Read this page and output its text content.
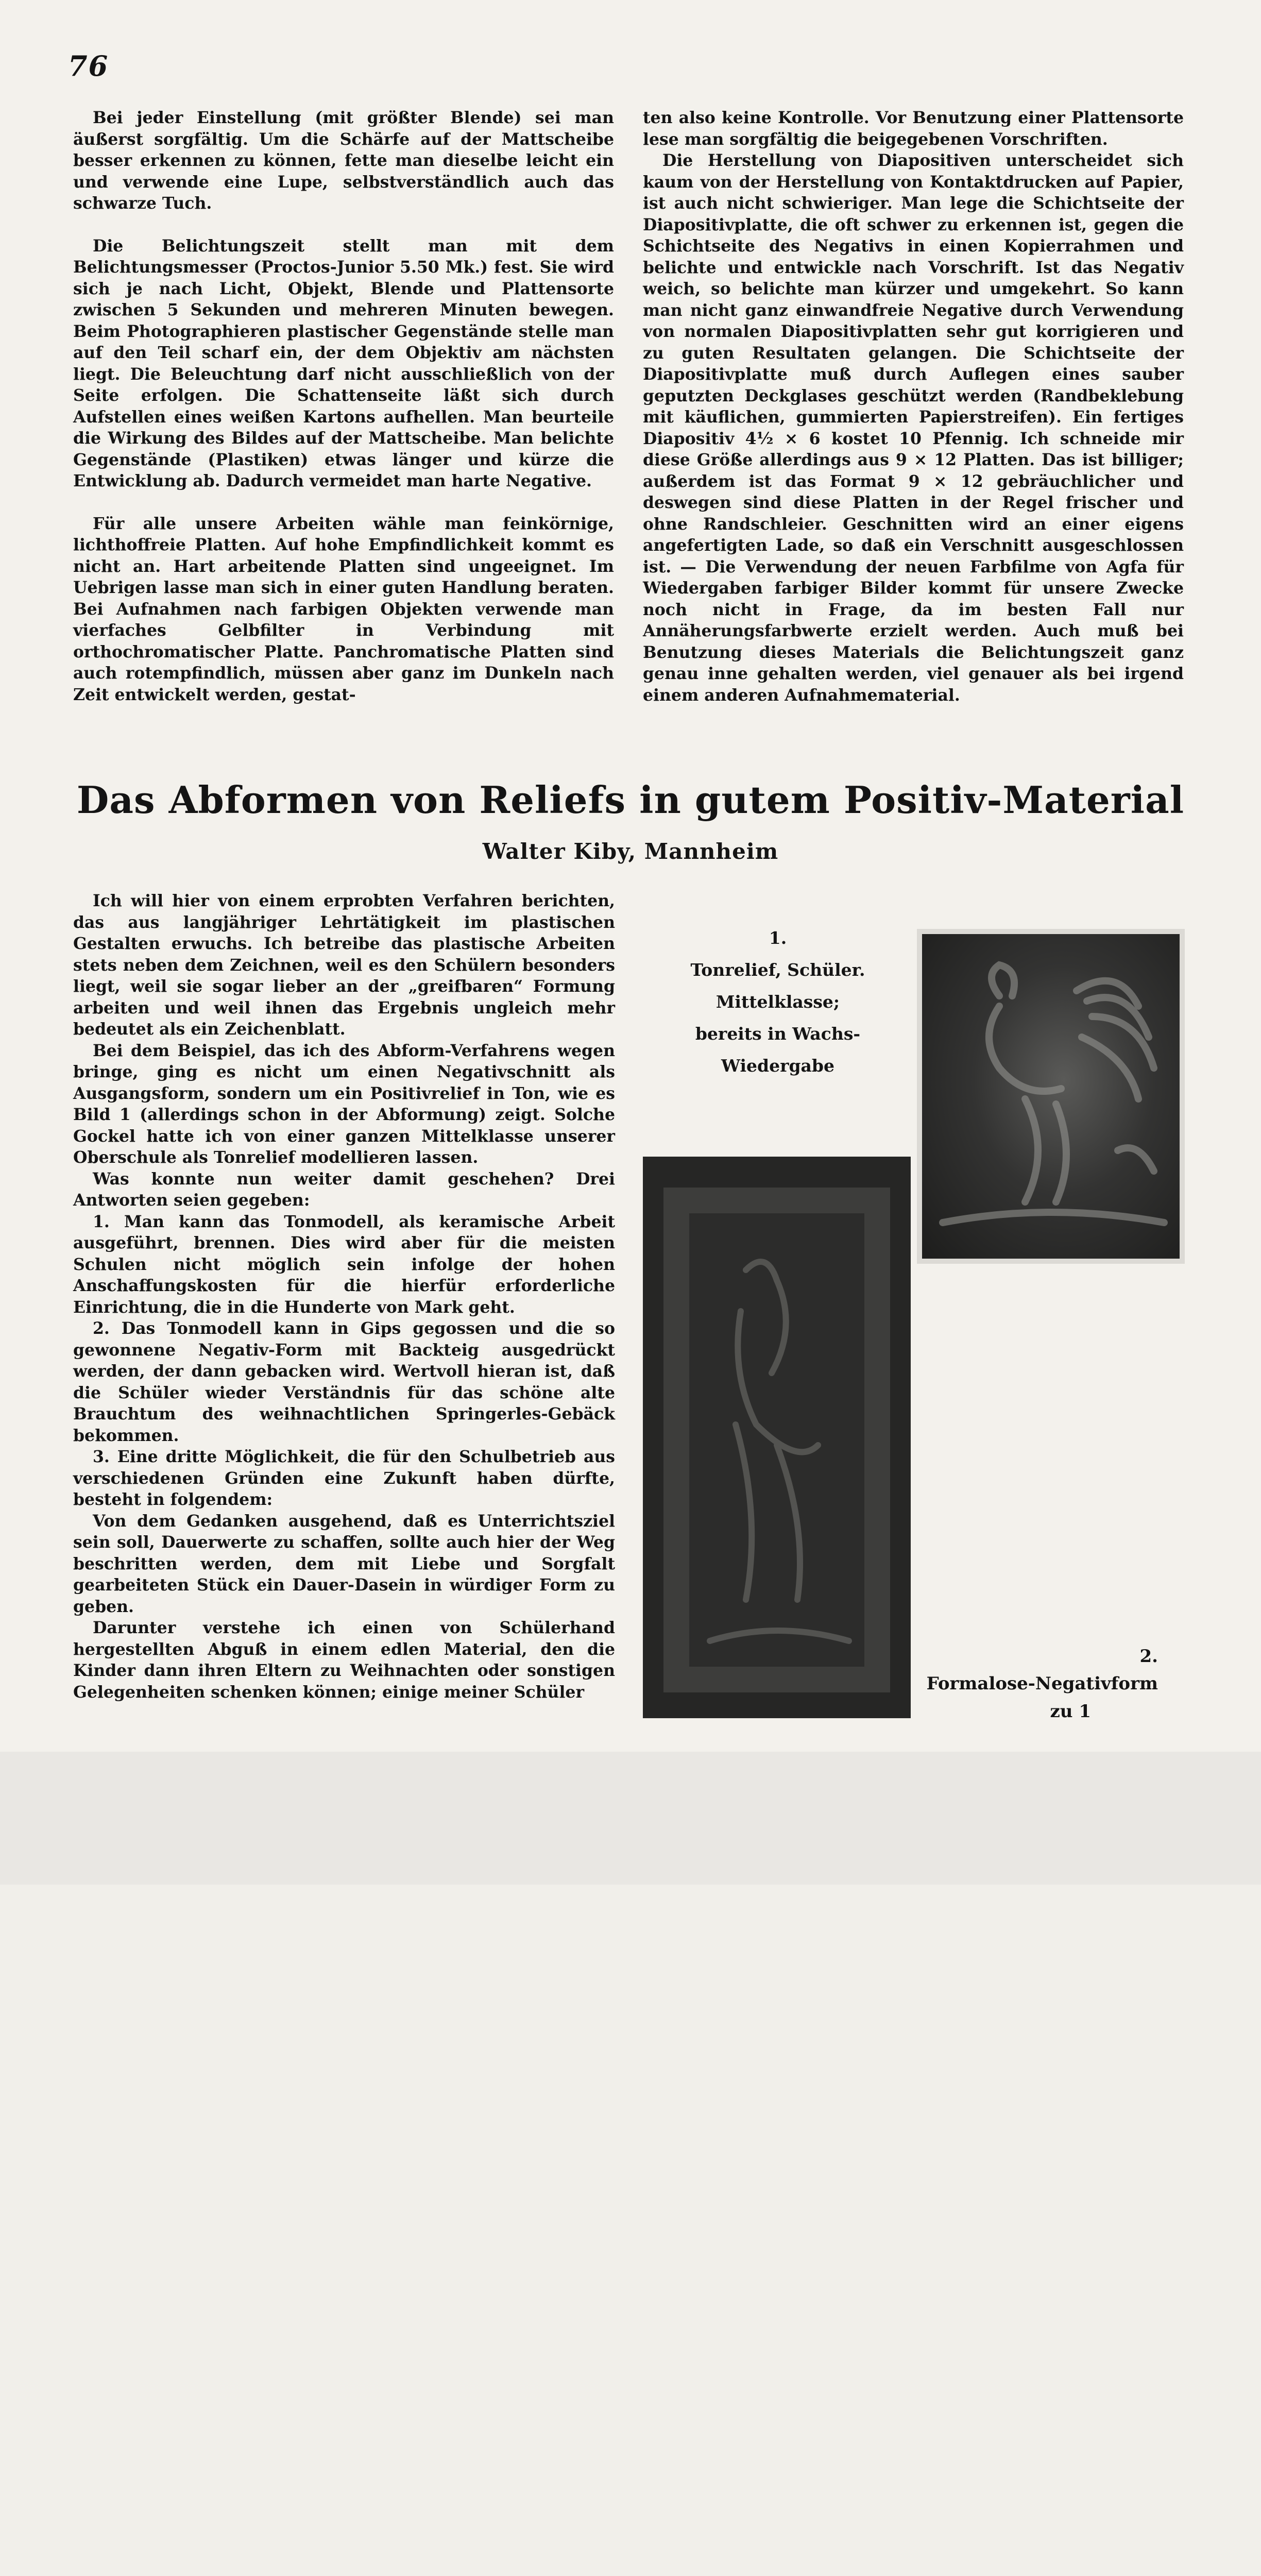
76

Bei jeder Einstellung (mit größter Blende) sei man äußerst sorgfältig. Um die Schärfe auf der Mattscheibe besser erkennen zu können, fette man dieselbe leicht ein und verwende eine Lupe, selbstverständlich auch das schwarze Tuch.

Die Belichtungszeit stellt man mit dem Belichtungsmesser (Proctos-Junior 5.50 Mk.) fest. Sie wird sich je nach Licht, Objekt, Blende und Plattensorte zwischen 5 Sekunden und mehreren Minuten bewegen. Beim Photographieren plastischer Gegenstände stelle man auf den Teil scharf ein, der dem Objektiv am nächsten liegt. Die Beleuchtung darf nicht ausschließlich von der Seite erfolgen. Die Schattenseite läßt sich durch Aufstellen eines weißen Kartons aufhellen. Man beurteile die Wirkung des Bildes auf der Mattscheibe. Man belichte Gegenstände (Plastiken) etwas länger und kürze die Entwicklung ab. Dadurch vermeidet man harte Negative.

Für alle unsere Arbeiten wähle man feinkörnige, lichthoffreie Platten. Auf hohe Empfindlichkeit kommt es nicht an. Hart arbeitende Platten sind ungeeignet. Im Uebrigen lasse man sich in einer guten Handlung beraten. Bei Aufnahmen nach farbigen Objekten verwende man vierfaches Gelbfilter in Verbindung mit orthochromatischer Platte. Panchromatische Platten sind auch rotempfindlich, müssen aber ganz im Dunkeln nach Zeit entwickelt werden, gestat-

ten also keine Kontrolle. Vor Benutzung einer Plattensorte lese man sorgfältig die beigegebenen Vorschriften.

Die Herstellung von Diapositiven unterscheidet sich kaum von der Herstellung von Kontaktdrucken auf Papier, ist auch nicht schwieriger. Man lege die Schichtseite der Diapositivplatte, die oft schwer zu erkennen ist, gegen die Schichtseite des Negativs in einen Kopierrahmen und belichte und entwickle nach Vorschrift. Ist das Negativ weich, so belichte man kürzer und umgekehrt. So kann man nicht ganz einwandfreie Negative durch Verwendung von normalen Diapositivplatten sehr gut korrigieren und zu guten Resultaten gelangen. Die Schichtseite der Diapositivplatte muß durch Auflegen eines sauber geputzten Deckglases geschützt werden (Randbeklebung mit käuflichen, gummierten Papierstreifen). Ein fertiges Diapositiv 4½ × 6 kostet 10 Pfennig. Ich schneide mir diese Größe allerdings aus 9 × 12 Platten. Das ist billiger; außerdem ist das Format 9 × 12 gebräuchlicher und deswegen sind diese Platten in der Regel frischer und ohne Randschleier. Geschnitten wird an einer eigens angefertigten Lade, so daß ein Verschnitt ausgeschlossen ist. — Die Verwendung der neuen Farbfilme von Agfa für Wiedergaben farbiger Bilder kommt für unsere Zwecke noch nicht in Frage, da im besten Fall nur Annäherungsfarbwerte erzielt werden. Auch muß bei Benutzung dieses Materials die Belichtungszeit ganz genau inne gehalten werden, viel genauer als bei irgend einem anderen Aufnahmematerial.

Das Abformen von Reliefs in gutem Positiv-Material
Walter Kiby, Mannheim

Ich will hier von einem erprobten Verfahren berichten, das aus langjähriger Lehrtätigkeit im plastischen Gestalten erwuchs. Ich betreibe das plastische Arbeiten stets neben dem Zeichnen, weil es den Schülern besonders liegt, weil sie sogar lieber an der „greifbaren“ Formung arbeiten und weil ihnen das Ergebnis ungleich mehr bedeutet als ein Zeichenblatt.

Bei dem Beispiel, das ich des Abform-Verfahrens wegen bringe, ging es nicht um einen Negativschnitt als Ausgangsform, sondern um ein Positivrelief in Ton, wie es Bild 1 (allerdings schon in der Abformung) zeigt. Solche Gockel hatte ich von einer ganzen Mittelklasse unserer Oberschule als Tonrelief modellieren lassen.

Was konnte nun weiter damit geschehen? Drei Antworten seien gegeben:

1. Man kann das Tonmodell, als keramische Arbeit ausgeführt, brennen. Dies wird aber für die meisten Schulen nicht möglich sein infolge der hohen Anschaffungskosten für die hierfür erforderliche Einrichtung, die in die Hunderte von Mark geht.

2. Das Tonmodell kann in Gips gegossen und die so gewonnene Negativ-Form mit Backteig ausgedrückt werden, der dann gebacken wird. Wertvoll hieran ist, daß die Schüler wieder Verständnis für das schöne alte Brauchtum des weihnachtlichen Springerles-Gebäck bekommen.

3. Eine dritte Möglichkeit, die für den Schulbetrieb aus verschiedenen Gründen eine Zukunft haben dürfte, besteht in folgendem:

Von dem Gedanken ausgehend, daß es Unterrichtsziel sein soll, Dauerwerte zu schaffen, sollte auch hier der Weg beschritten werden, dem mit Liebe und Sorgfalt gearbeiteten Stück ein Dauer-Dasein in würdiger Form zu geben.

Darunter verstehe ich einen von Schülerhand hergestellten Abguß in einem edlen Material, den die Kinder dann ihren Eltern zu Weihnachten oder sonstigen Gelegenheiten schenken können; einige meiner Schüler

1.
Tonrelief, Schüler.
Mittelklasse;
bereits in Wachs-
Wiedergabe
2.
Formalose-Negativform
zu 1
